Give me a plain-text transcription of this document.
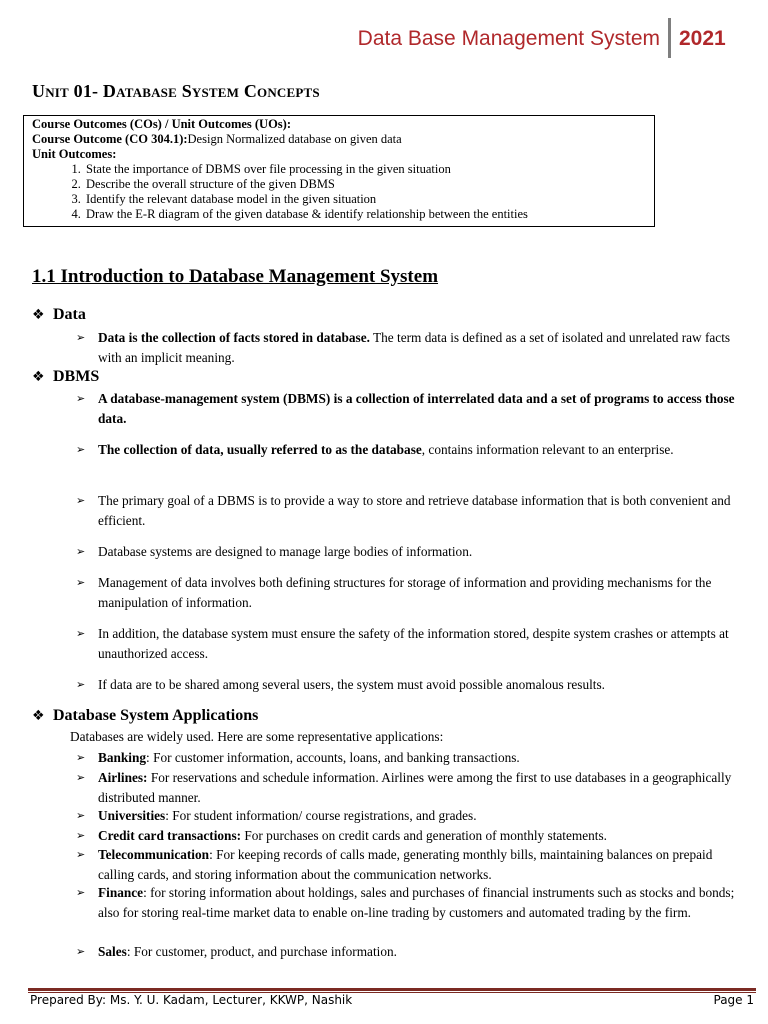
Data Base Management System 2021
Unit 01- Database System Concepts

Course Outcomes (COs) / Unit Outcomes (UOs):

Course Outcome (CO 304.1):Design Normalized database on given data

Unit Outcomes:

1. State the importance of DBMS over file processing in the given situation
2. Describe the overall structure of the given DBMS
3. Identify the relevant database model in the given situation
4. Draw the E-R diagram of the given database & identify relationship between the entities
1.1 Introduction to Database Management System
❖ Data
➢ Data is the collection of facts stored in database. The term data is defined as a set of isolated and unrelated raw facts with an implicit meaning.
❖ DBMS
➢ A database-management system (DBMS) is a collection of interrelated data and a set of programs to access those data.
➢ The collection of data, usually referred to as the database, contains information relevant to an enterprise.
➢ The primary goal of a DBMS is to provide a way to store and retrieve database information that is both convenient and efficient.
➢ Database systems are designed to manage large bodies of information.
➢ Management of data involves both defining structures for storage of information and providing mechanisms for the manipulation of information.
➢ In addition, the database system must ensure the safety of the information stored, despite system crashes or attempts at unauthorized access.
➢ If data are to be shared among several users, the system must avoid possible anomalous results.
❖ Database System Applications
Databases are widely used. Here are some representative applications:
➢ Banking: For customer information, accounts, loans, and banking transactions.
➢ Airlines: For reservations and schedule information. Airlines were among the first to use databases in a geographically distributed manner.
➢ Universities: For student information/ course registrations, and grades.
➢ Credit card transactions: For purchases on credit cards and generation of monthly statements.
➢ Telecommunication: For keeping records of calls made, generating monthly bills, maintaining balances on prepaid calling cards, and storing information about the communication networks.
➢ Finance: for storing information about holdings, sales and purchases of financial instruments such as stocks and bonds; also for storing real-time market data to enable on-line trading by customers and automated trading by the firm.
➢ Sales: For customer, product, and purchase information.
Prepared By: Ms. Y. U. Kadam, Lecturer, KKWP, Nashik	Page 1
